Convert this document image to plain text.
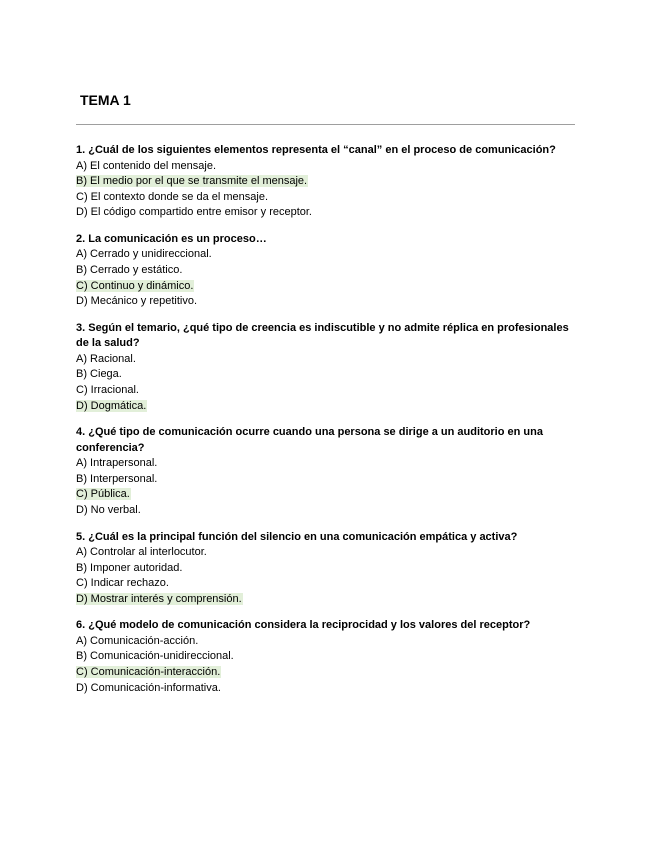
TEMA 1

1. ¿Cuál de los siguientes elementos representa el “canal” en el proceso de comunicación?

A) El contenido del mensaje.
B) El medio por el que se transmite el mensaje.
C) El contexto donde se da el mensaje.
D) El código compartido entre emisor y receptor.

2. La comunicación es un proceso…

A) Cerrado y unidireccional.
B) Cerrado y estático.
C) Continuo y dinámico.
D) Mecánico y repetitivo.

3. Según el temario, ¿qué tipo de creencia es indiscutible y no admite réplica en profesionales de la salud?

A) Racional.
B) Ciega.
C) Irracional.
D) Dogmática.

4. ¿Qué tipo de comunicación ocurre cuando una persona se dirige a un auditorio en una conferencia?

A) Intrapersonal.
B) Interpersonal.
C) Pública.
D) No verbal.

5. ¿Cuál es la principal función del silencio en una comunicación empática y activa?

A) Controlar al interlocutor.
B) Imponer autoridad.
C) Indicar rechazo.
D) Mostrar interés y comprensión.

6. ¿Qué modelo de comunicación considera la reciprocidad y los valores del receptor?

A) Comunicación-acción.
B) Comunicación-unidireccional.
C) Comunicación-interacción.
D) Comunicación-informativa.
